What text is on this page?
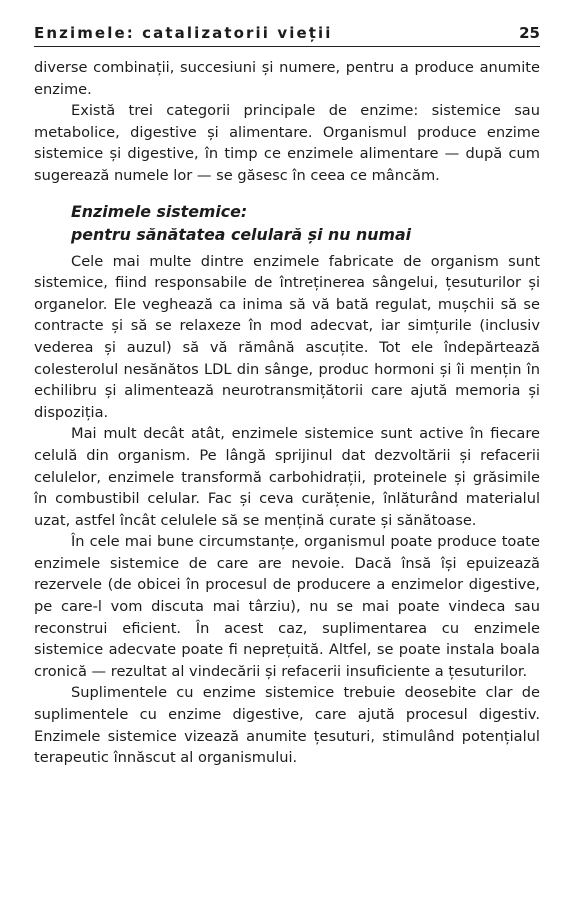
Enzimele: catalizatorii vieții	25

diverse combinații, succesiuni și numere, pentru a produce anumite enzime.

Există trei categorii principale de enzime: sistemice sau metabolice, digestive și alimentare. Organismul produce enzime sistemice și digestive, în timp ce enzimele alimentare — după cum sugerează numele lor — se găsesc în ceea ce mâncăm.

Enzimele sistemice:
pentru sănătatea celulară și nu numai

Cele mai multe dintre enzimele fabricate de organism sunt sistemice, fiind responsabile de întreținerea sângelui, țesuturilor și organelor. Ele veghează ca inima să vă bată regulat, mușchii să se contracte și să se relaxeze în mod adecvat, iar simțurile (inclusiv vederea și auzul) să vă rămână ascuțite. Tot ele îndepărtează colesterolul nesănătos LDL din sânge, produc hormoni și îi mențin în echilibru și alimentează neurotransmițătorii care ajută memoria și dispoziția.

Mai mult decât atât, enzimele sistemice sunt active în fiecare celulă din organism. Pe lângă sprijinul dat dezvoltării și refacerii celulelor, enzimele transformă carbohidrații, proteinele și grăsimile în combustibil celular. Fac și ceva curățenie, înlăturând materialul uzat, astfel încât celulele să se mențină curate și sănătoase.

În cele mai bune circumstanțe, organismul poate produce toate enzimele sistemice de care are nevoie. Dacă însă își epuizează rezervele (de obicei în procesul de producere a enzimelor digestive, pe care-l vom discuta mai târziu), nu se mai poate vindeca sau reconstrui eficient. În acest caz, suplimentarea cu enzimele sistemice adecvate poate fi neprețuită. Altfel, se poate instala boala cronică — rezultat al vindecării și refacerii insuficiente a țesuturilor.

Suplimentele cu enzime sistemice trebuie deosebite clar de suplimentele cu enzime digestive, care ajută procesul digestiv. Enzimele sistemice vizează anumite țesuturi, stimulând potențialul terapeutic înnăscut al organismului.
